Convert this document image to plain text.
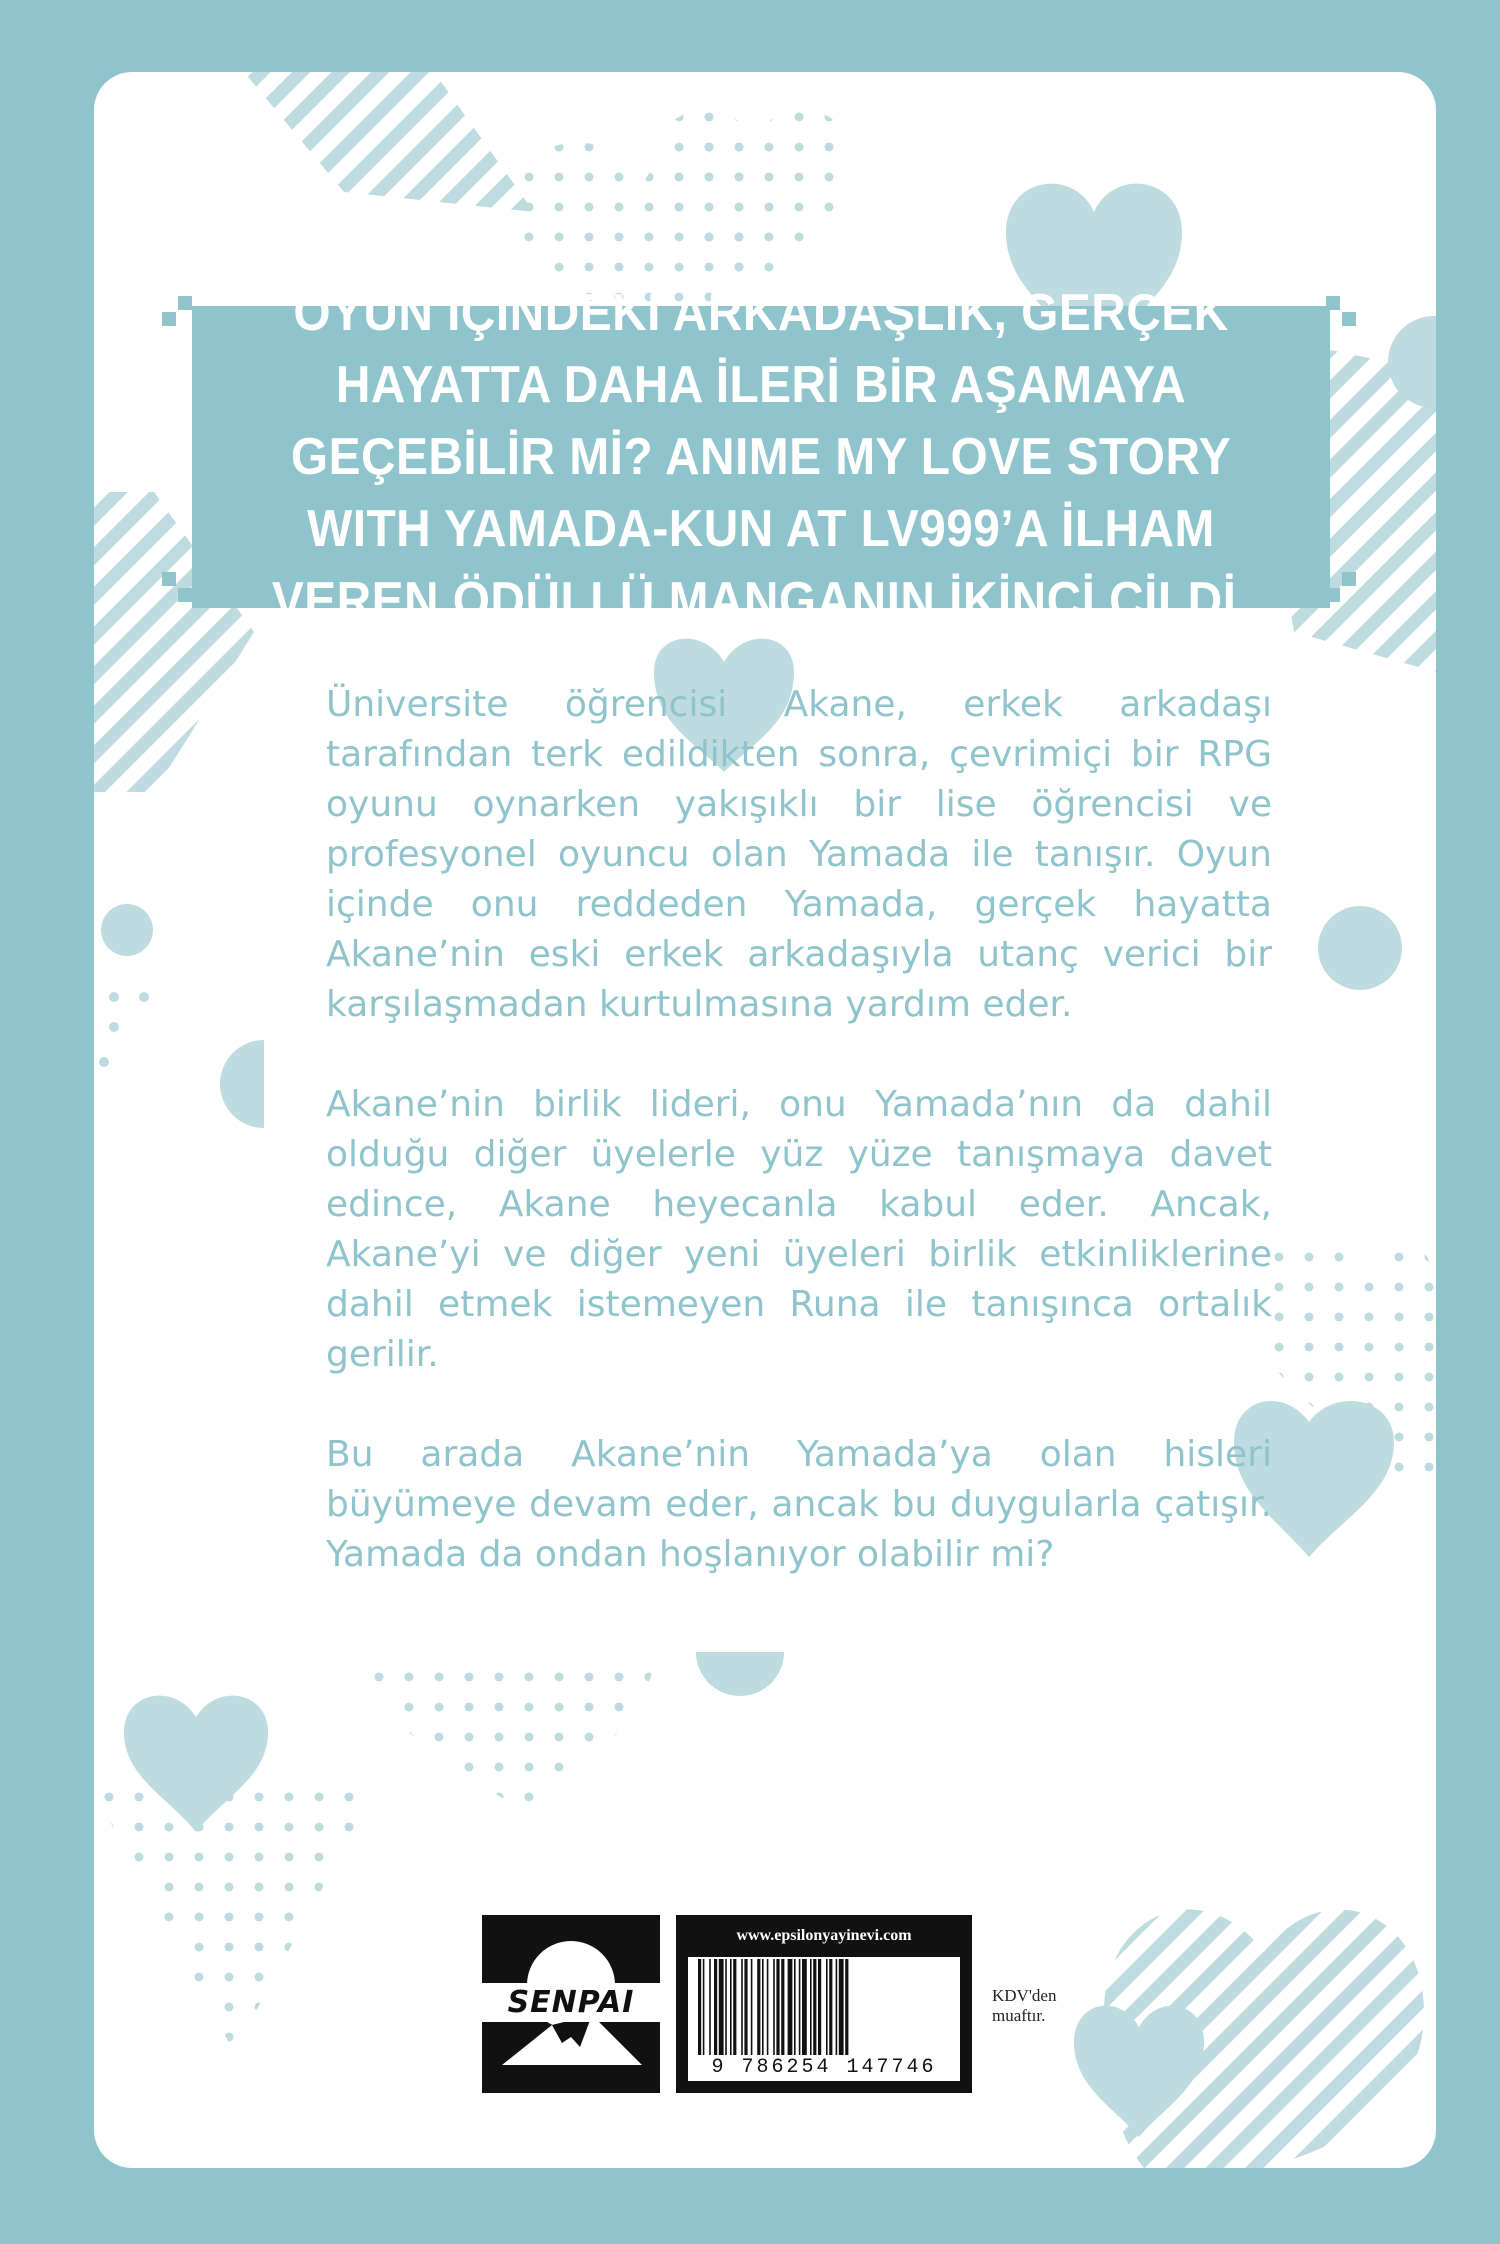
OYUN İÇİNDEKİ ARKADAŞLIK, GERÇEK HAYATTA DAHA İLERİ BİR AŞAMAYA GEÇEBİLİR Mİ? ANIME MY LOVE STORY WITH YAMADA-KUN AT LV999’A İLHAM VEREN ÖDÜLLÜ MANGANIN İKİNCİ CİLDİ.

Üniversite öğrencisi Akane, erkek arkadaşı tarafından terk edildikten sonra, çevrimiçi bir RPG oyunu oynarken yakışıklı bir lise öğrencisi ve profesyonel oyuncu olan Yamada ile tanışır. Oyun içinde onu reddeden Yamada, gerçek hayatta Akane’nin eski erkek arkadaşıyla utanç verici bir karşılaşmadan kurtulmasına yardım eder.

Akane’nin birlik lideri, onu Yamada’nın da dahil olduğu diğer üyelerle yüz yüze tanışmaya davet edince, Akane heyecanla kabul eder. Ancak, Akane’yi ve diğer yeni üyeleri birlik etkinliklerine dahil etmek istemeyen Runa ile tanışınca ortalık gerilir.

Bu arada Akane’nin Yamada’ya olan hisleri büyümeye devam eder, ancak bu duygularla çatışır. Yamada da ondan hoşlanıyor olabilir mi?

SENPAI
www.epsilonyayinevi.com
9 786254 147746
KDV'den muaftır.
